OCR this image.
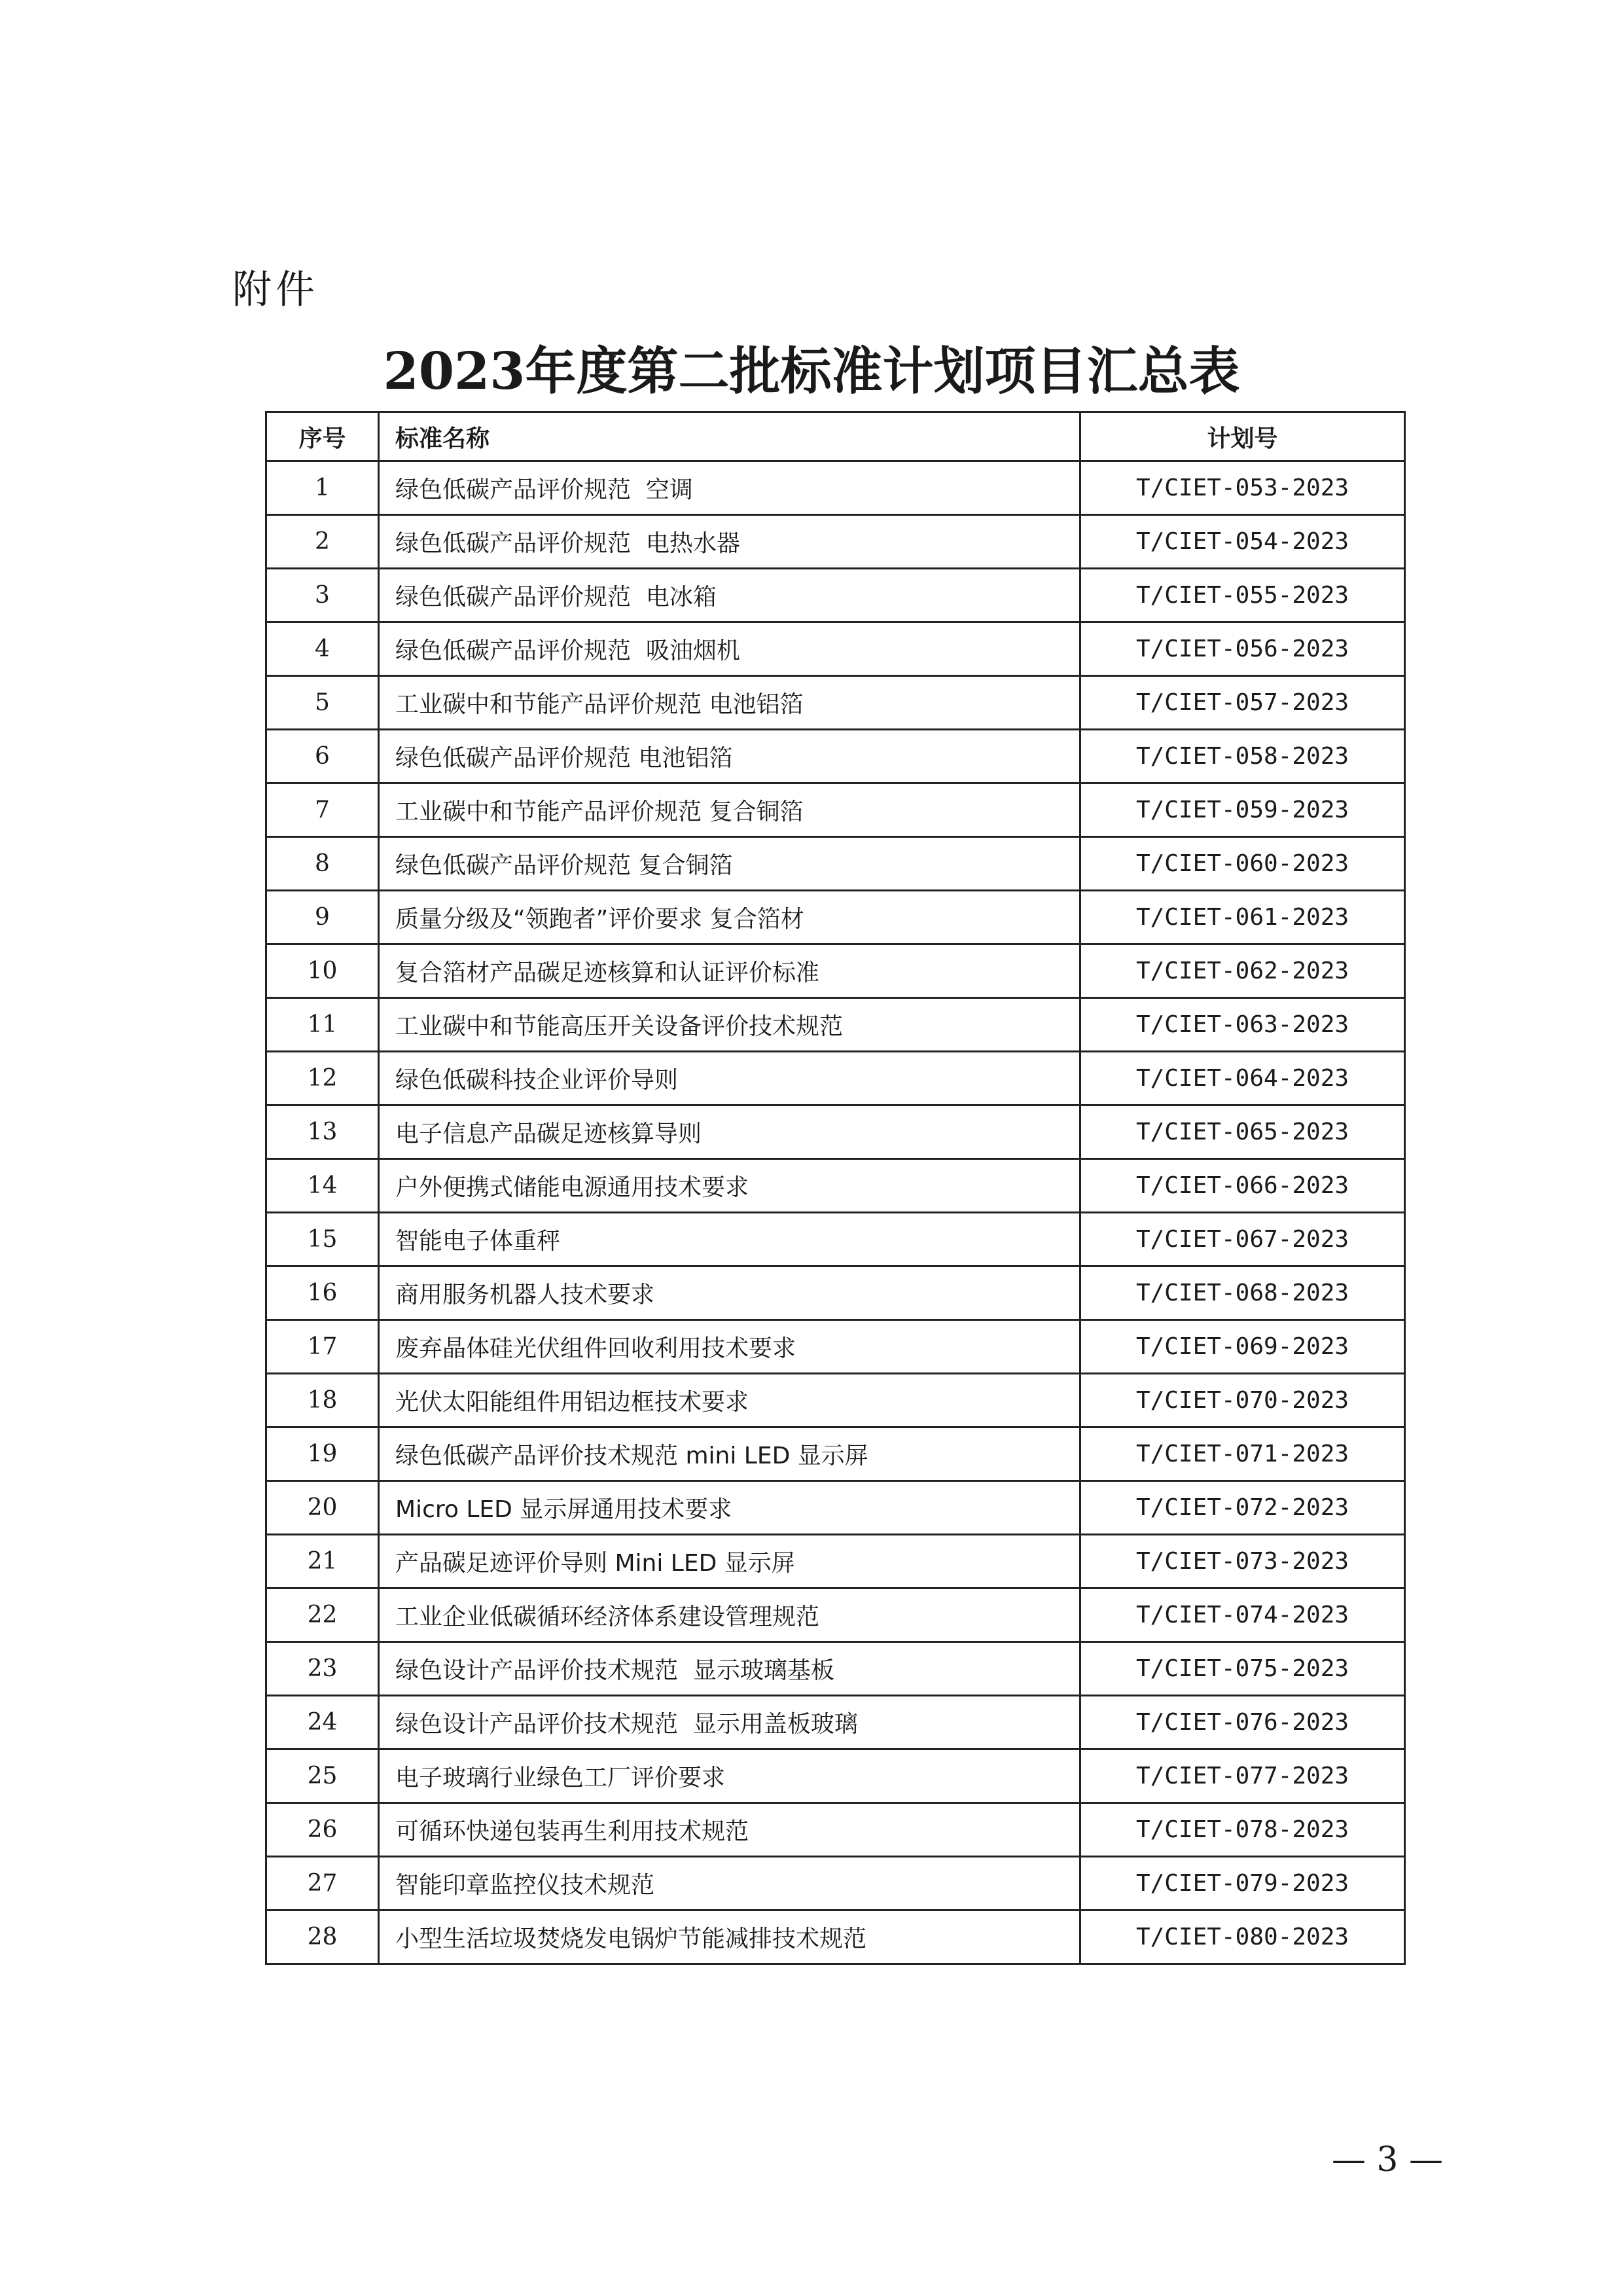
附件
2023年度第二批标准计划项目汇总表
序号	标准名称	计划号
1	绿色低碳产品评价规范  空调	T/CIET-053-2023
2	绿色低碳产品评价规范  电热水器	T/CIET-054-2023
3	绿色低碳产品评价规范  电冰箱	T/CIET-055-2023
4	绿色低碳产品评价规范  吸油烟机	T/CIET-056-2023
5	工业碳中和节能产品评价规范 电池铝箔	T/CIET-057-2023
6	绿色低碳产品评价规范 电池铝箔	T/CIET-058-2023
7	工业碳中和节能产品评价规范 复合铜箔	T/CIET-059-2023
8	绿色低碳产品评价规范 复合铜箔	T/CIET-060-2023
9	质量分级及“领跑者”评价要求 复合箔材	T/CIET-061-2023
10	复合箔材产品碳足迹核算和认证评价标准	T/CIET-062-2023
11	工业碳中和节能高压开关设备评价技术规范	T/CIET-063-2023
12	绿色低碳科技企业评价导则	T/CIET-064-2023
13	电子信息产品碳足迹核算导则	T/CIET-065-2023
14	户外便携式储能电源通用技术要求	T/CIET-066-2023
15	智能电子体重秤	T/CIET-067-2023
16	商用服务机器人技术要求	T/CIET-068-2023
17	废弃晶体硅光伏组件回收利用技术要求	T/CIET-069-2023
18	光伏太阳能组件用铝边框技术要求	T/CIET-070-2023
19	绿色低碳产品评价技术规范 mini LED 显示屏	T/CIET-071-2023
20	Micro LED 显示屏通用技术要求	T/CIET-072-2023
21	产品碳足迹评价导则 Mini LED 显示屏	T/CIET-073-2023
22	工业企业低碳循环经济体系建设管理规范	T/CIET-074-2023
23	绿色设计产品评价技术规范  显示玻璃基板	T/CIET-075-2023
24	绿色设计产品评价技术规范  显示用盖板玻璃	T/CIET-076-2023
25	电子玻璃行业绿色工厂评价要求	T/CIET-077-2023
26	可循环快递包装再生利用技术规范	T/CIET-078-2023
27	智能印章监控仪技术规范	T/CIET-079-2023
28	小型生活垃圾焚烧发电锅炉节能减排技术规范	T/CIET-080-2023
— 3 —
